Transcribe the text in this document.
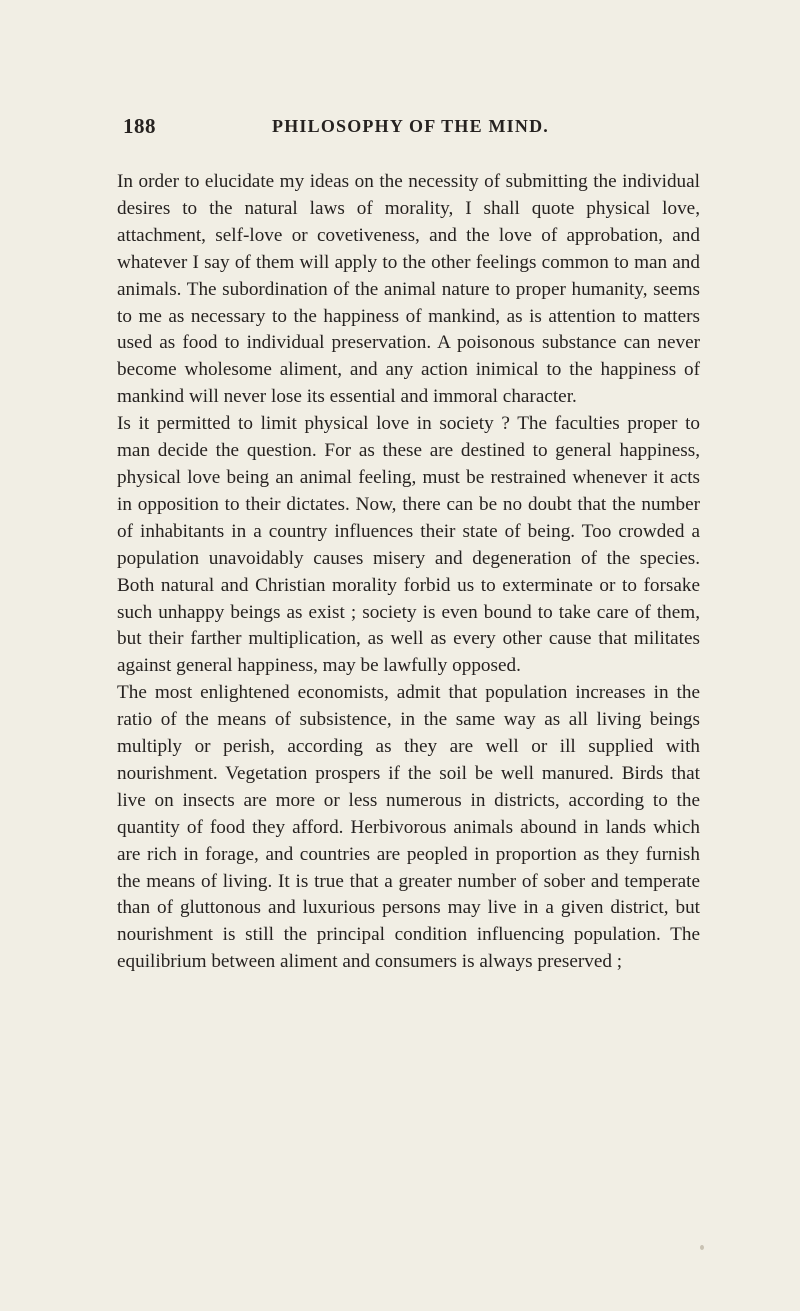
188	PHILOSOPHY OF THE MIND.

In order to elucidate my ideas on the necessity of submitting the individual desires to the natural laws of morality, I shall quote physical love, attachment, self-love or covetiveness, and the love of approbation, and whatever I say of them will apply to the other feelings common to man and animals. The subordination of the animal nature to proper humanity, seems to me as necessary to the happiness of mankind, as is attention to matters used as food to individual preservation. A poisonous substance can never become wholesome aliment, and any action inimical to the happiness of mankind will never lose its essential and immoral character.

Is it permitted to limit physical love in society ? The faculties proper to man decide the question. For as these are destined to general happiness, physical love being an animal feeling, must be restrained whenever it acts in opposition to their dictates. Now, there can be no doubt that the number of inhabitants in a country influences their state of being. Too crowded a population unavoidably causes misery and degeneration of the species. Both natural and Christian morality forbid us to exterminate or to forsake such unhappy beings as exist ; society is even bound to take care of them, but their farther multiplication, as well as every other cause that militates against general happiness, may be lawfully opposed.

The most enlightened economists, admit that population increases in the ratio of the means of subsistence, in the same way as all living beings multiply or perish, according as they are well or ill supplied with nourishment. Vegetation prospers if the soil be well manured. Birds that live on insects are more or less numerous in districts, according to the quantity of food they afford. Herbivorous animals abound in lands which are rich in forage, and countries are peopled in proportion as they furnish the means of living. It is true that a greater number of sober and temperate than of gluttonous and luxurious persons may live in a given district, but nourishment is still the principal condition influencing population. The equilibrium between aliment and consumers is always preserved ;
